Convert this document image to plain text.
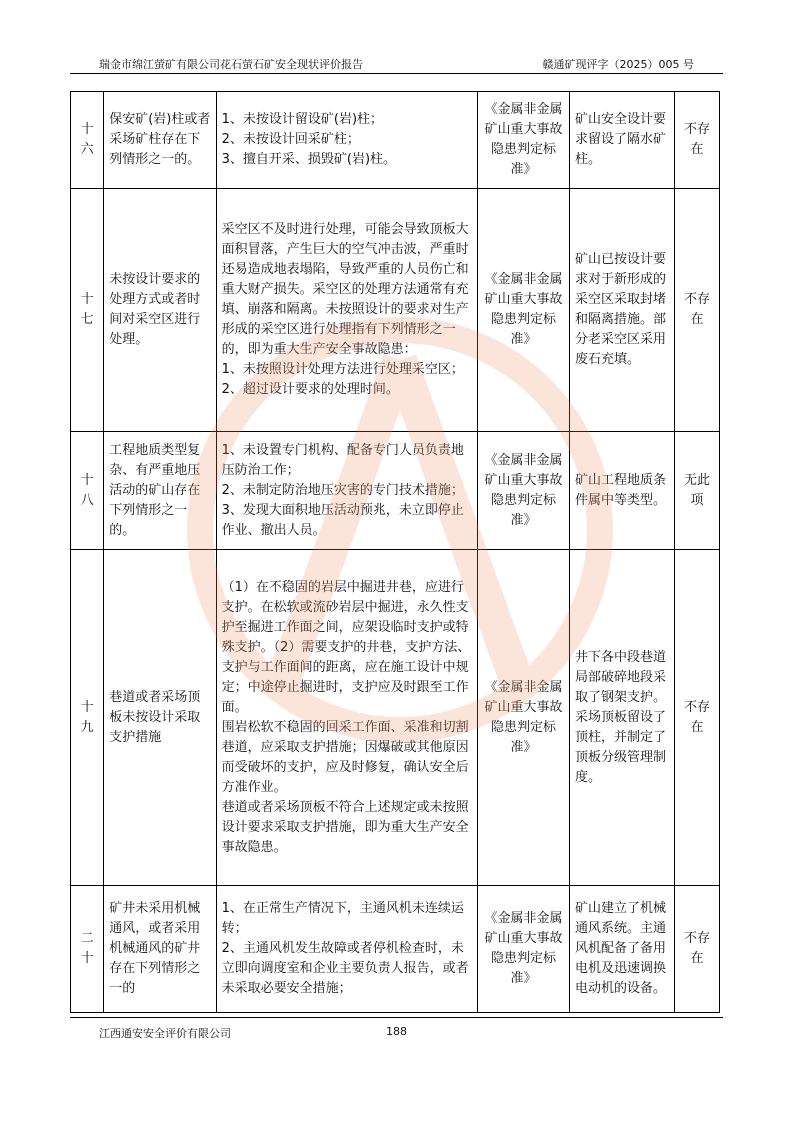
瑞金市绵江萤矿有限公司花石萤石矿安全现状评价报告	赣通矿现评字（2025）005 号
十六	保安矿(岩)柱或者采场矿柱存在下列情形之一的。	1、未按设计留设矿(岩)柱；
2、未按设计回采矿柱；
3、擅自开采、损毁矿(岩)柱。	《金属非金属矿山重大事故隐患判定标准》	矿山安全设计要求留设了隔水矿柱。	不存在
十七	未按设计要求的处理方式或者时间对采空区进行处理。	采空区不及时进行处理，可能会导致顶板大面积冒落，产生巨大的空气冲击波，严重时还易造成地表塌陷，导致严重的人员伤亡和重大财产损失。采空区的处理方法通常有充填、崩落和隔离。未按照设计的要求对生产形成的采空区进行处理指有下列情形之一的，即为重大生产安全事故隐患：
1、未按照设计处理方法进行处理采空区；
2、超过设计要求的处理时间。	《金属非金属矿山重大事故隐患判定标准》	矿山已按设计要求对于新形成的采空区采取封堵和隔离措施。部分老采空区采用废石充填。	不存在
十八	工程地质类型复杂、有严重地压活动的矿山存在下列情形之一的。	1、未设置专门机构、配备专门人员负责地压防治工作；
2、未制定防治地压灾害的专门技术措施；
3、发现大面积地压活动预兆，未立即停止作业、撤出人员。	《金属非金属矿山重大事故隐患判定标准》	矿山工程地质条件属中等类型。	无此项
十九	巷道或者采场顶板未按设计采取支护措施	（1）在不稳固的岩层中掘进井巷，应进行支护。在松软或流砂岩层中掘进，永久性支护至掘进工作面之间，应架设临时支护或特殊支护。（2）需要支护的井巷，支护方法、支护与工作面间的距离，应在施工设计中规定；中途停止掘进时，支护应及时跟至工作面。
围岩松软不稳固的回采工作面、采准和切割巷道，应采取支护措施；因爆破或其他原因而受破坏的支护，应及时修复，确认安全后方准作业。
巷道或者采场顶板不符合上述规定或未按照设计要求采取支护措施，即为重大生产安全事故隐患。	《金属非金属矿山重大事故隐患判定标准》	井下各中段巷道局部破碎地段采取了钢架支护。采场顶板留设了顶柱，并制定了顶板分级管理制度。	不存在
二十	矿井未采用机械通风，或者采用机械通风的矿井存在下列情形之一的	1、在正常生产情况下，主通风机未连续运转；
2、主通风机发生故障或者停机检查时，未立即向调度室和企业主要负责人报告，或者未采取必要安全措施；	《金属非金属矿山重大事故隐患判定标准》	矿山建立了机械通风系统。主通风机配备了备用电机及迅速调换电动机的设备。	不存在
江西通安安全评价有限公司	188
